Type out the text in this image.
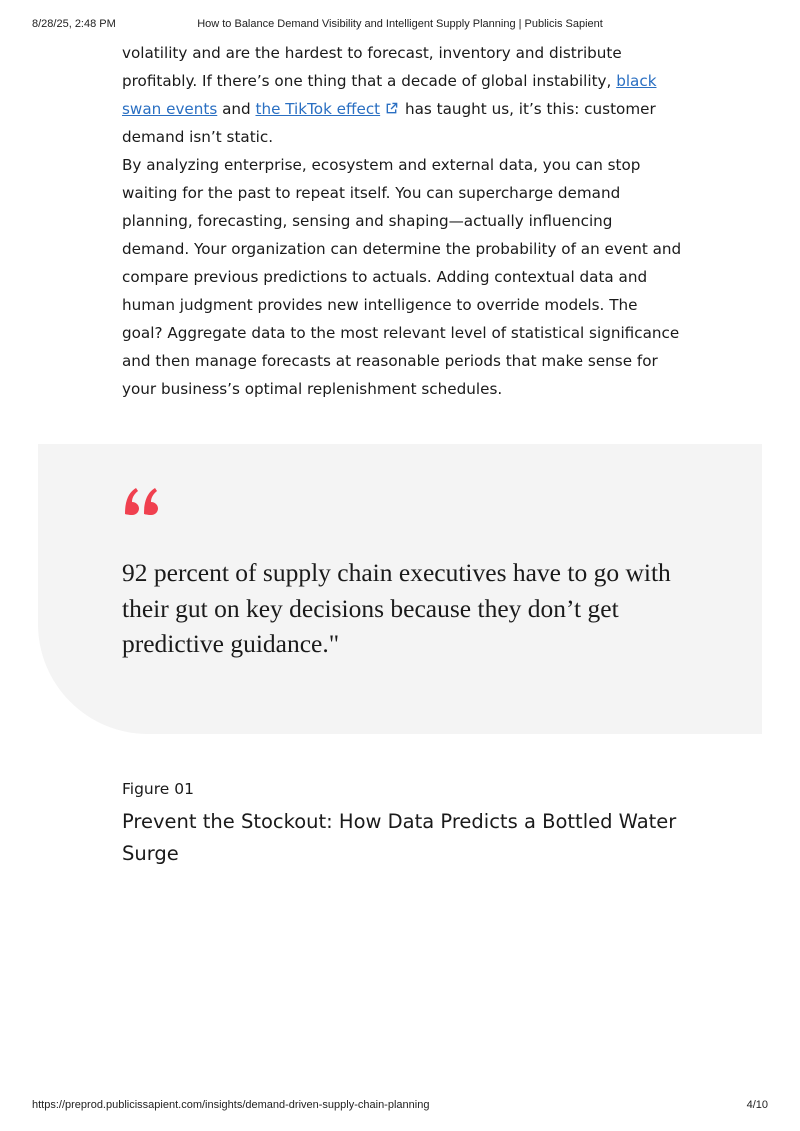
8/28/25, 2:48 PM	How to Balance Demand Visibility and Intelligent Supply Planning | Publicis Sapient

volatility and are the hardest to forecast, inventory and distribute profitably. If there’s one thing that a decade of global instability, black swan events and the TikTok effect has taught us, it’s this: customer demand isn’t static.

By analyzing enterprise, ecosystem and external data, you can stop waiting for the past to repeat itself. You can supercharge demand planning, forecasting, sensing and shaping—actually influencing demand. Your organization can determine the probability of an event and compare previous predictions to actuals. Adding contextual data and human judgment provides new intelligence to override models. The goal? Aggregate data to the most relevant level of statistical significance and then manage forecasts at reasonable periods that make sense for your business’s optimal replenishment schedules.

92 percent of supply chain executives have to go with their gut on key decisions because they don’t get predictive guidance."
Figure 01
Prevent the Stockout: How Data Predicts a Bottled Water Surge
https://preprod.publicissapient.com/insights/demand-driven-supply-chain-planning	4/10
